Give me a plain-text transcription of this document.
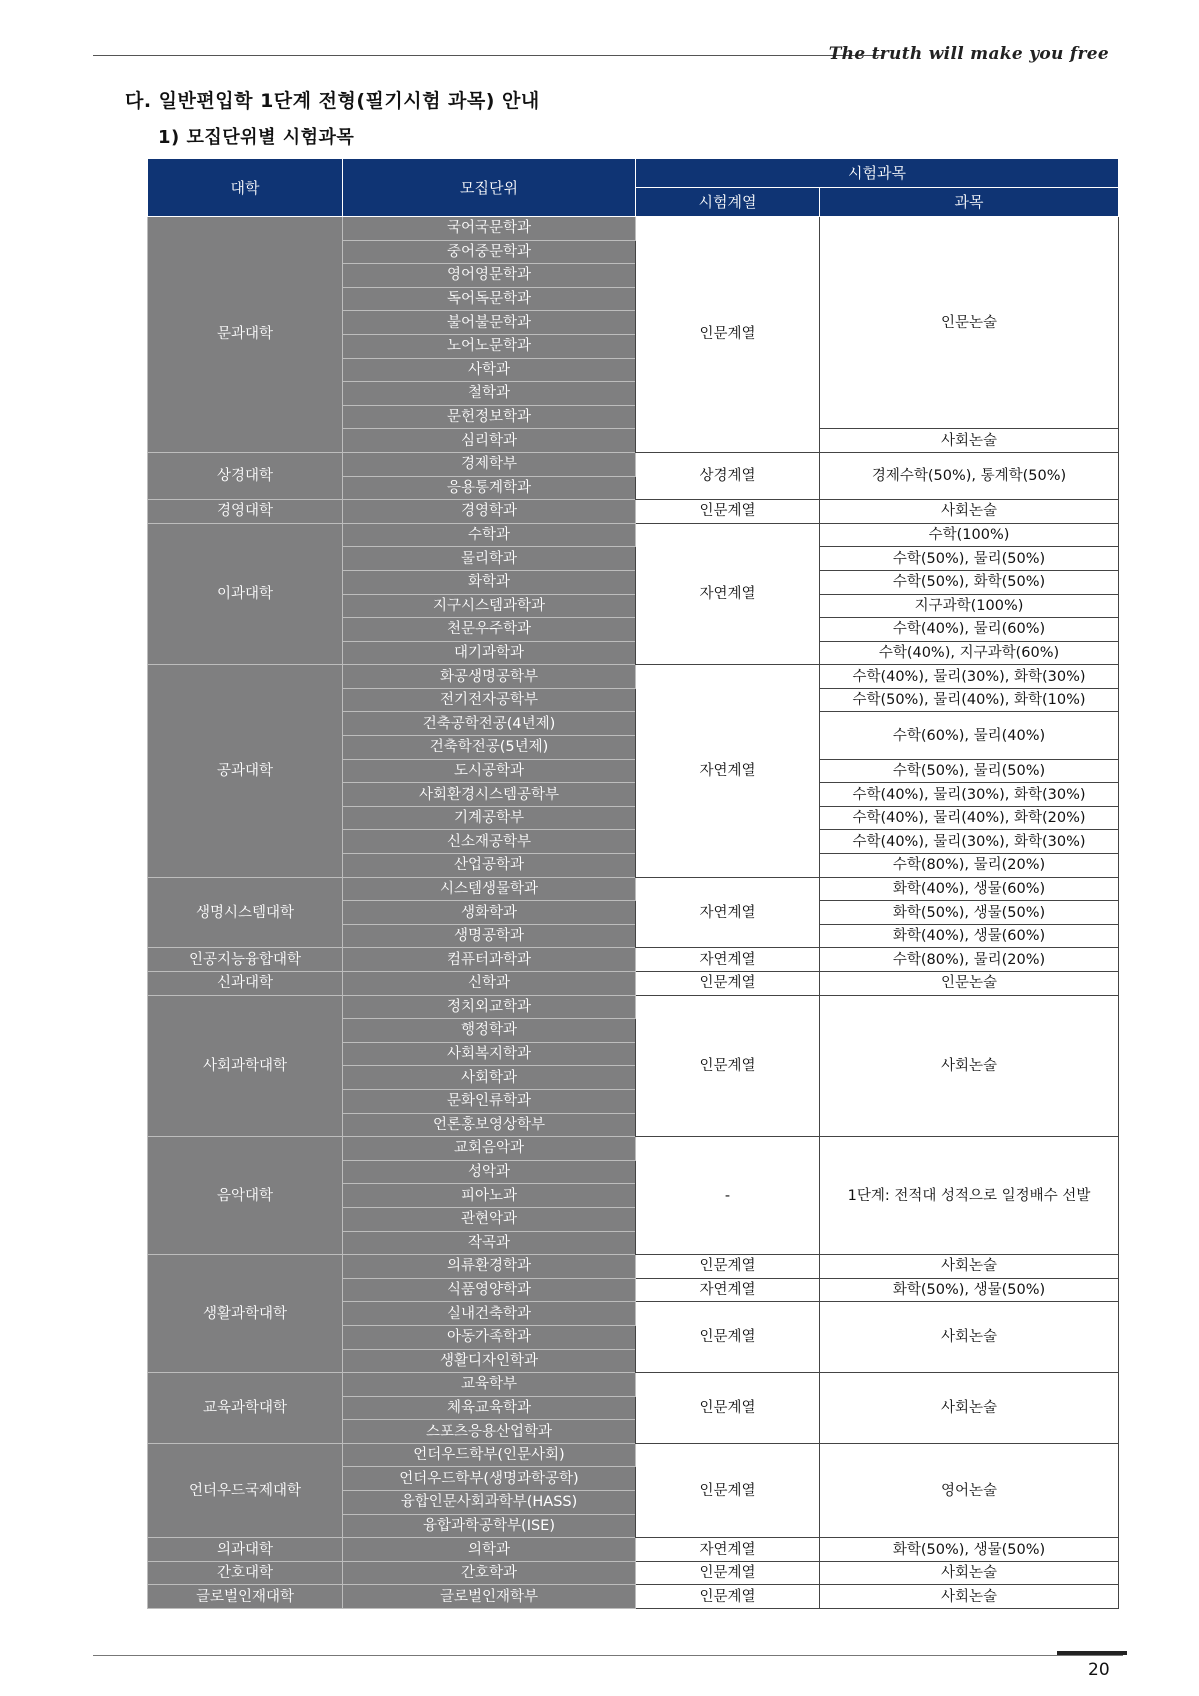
The truth will make you free
다. 일반편입학 1단계 전형(필기시험 과목) 안내
1) 모집단위별 시험과목
대학	모집단위	시험과목	
		시험계열	과목
문과대학	국어국문학과	인문계열	인문논술
	중어중문학과		
	영어영문학과		
	독어독문학과		
	불어불문학과		
	노어노문학과		
	사학과		
	철학과		
	문헌정보학과		
	심리학과		사회논술
상경대학	경제학부	상경계열	경제수학(50%), 통계학(50%)
	응용통계학과		
경영대학	경영학과	인문계열	사회논술
이과대학	수학과	자연계열	수학(100%)
	물리학과		수학(50%), 물리(50%)
	화학과		수학(50%), 화학(50%)
	지구시스템과학과		지구과학(100%)
	천문우주학과		수학(40%), 물리(60%)
	대기과학과		수학(40%), 지구과학(60%)
공과대학	화공생명공학부	자연계열	수학(40%), 물리(30%), 화학(30%)
	전기전자공학부		수학(50%), 물리(40%), 화학(10%)
	건축공학전공(4년제)		수학(60%), 물리(40%)
	건축학전공(5년제)		
	도시공학과		수학(50%), 물리(50%)
	사회환경시스템공학부		수학(40%), 물리(30%), 화학(30%)
	기계공학부		수학(40%), 물리(40%), 화학(20%)
	신소재공학부		수학(40%), 물리(30%), 화학(30%)
	산업공학과		수학(80%), 물리(20%)
생명시스템대학	시스템생물학과	자연계열	화학(40%), 생물(60%)
	생화학과		화학(50%), 생물(50%)
	생명공학과		화학(40%), 생물(60%)
인공지능융합대학	컴퓨터과학과	자연계열	수학(80%), 물리(20%)
신과대학	신학과	인문계열	인문논술
사회과학대학	정치외교학과	인문계열	사회논술
	행정학과		
	사회복지학과		
	사회학과		
	문화인류학과		
	언론홍보영상학부		
음악대학	교회음악과	-	1단계: 전적대 성적으로 일정배수 선발
	성악과		
	피아노과		
	관현악과		
	작곡과		
생활과학대학	의류환경학과	인문계열	사회논술
	식품영양학과	자연계열	화학(50%), 생물(50%)
	실내건축학과	인문계열	사회논술
	아동가족학과		
	생활디자인학과		
교육과학대학	교육학부	인문계열	사회논술
	체육교육학과		
	스포츠응용산업학과		
언더우드국제대학	언더우드학부(인문사회)	인문계열	영어논술
	언더우드학부(생명과학공학)		
	융합인문사회과학부(HASS)		
	융합과학공학부(ISE)		
의과대학	의학과	자연계열	화학(50%), 생물(50%)
간호대학	간호학과	인문계열	사회논술
글로벌인재대학	글로벌인재학부	인문계열	사회논술
20
